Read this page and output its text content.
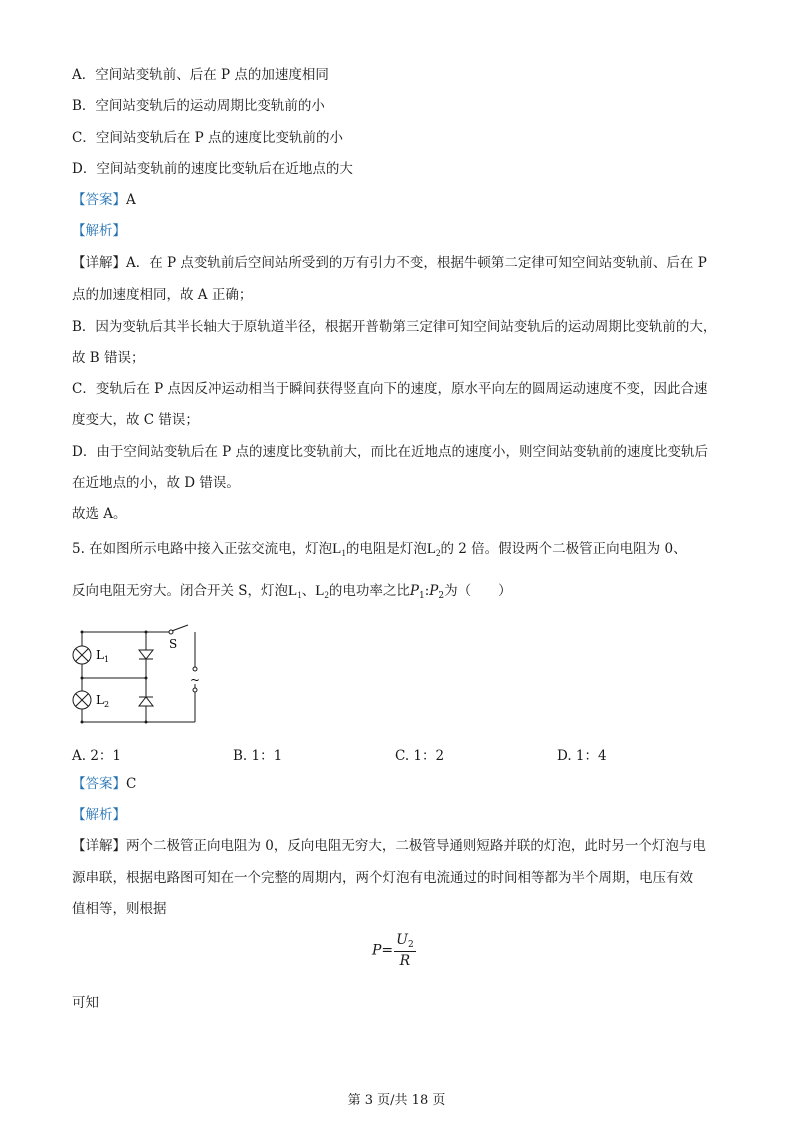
A．空间站变轨前、后在 P 点的加速度相同
B．空间站变轨后的运动周期比变轨前的小
C．空间站变轨后在 P 点的速度比变轨前的小
D．空间站变轨前的速度比变轨后在近地点的大
【答案】A
【解析】
【详解】A．在 P 点变轨前后空间站所受到的万有引力不变，根据牛顿第二定律可知空间站变轨前、后在 P
点的加速度相同，故 A 正确；
B．因为变轨后其半长轴大于原轨道半径，根据开普勒第三定律可知空间站变轨后的运动周期比变轨前的大，
故 B 错误；
C．变轨后在 P 点因反冲运动相当于瞬间获得竖直向下的速度，原水平向左的圆周运动速度不变，因此合速
度变大，故 C 错误；
D．由于空间站变轨后在 P 点的速度比变轨前大，而比在近地点的速度小，则空间站变轨前的速度比变轨后
在近地点的小，故 D 错误。
故选 A。
5. 在如图所示电路中接入正弦交流电，灯泡$L_1$的电阻是灯泡$L_2$的 2 倍。假设两个二极管正向电阻为 0、
反向电阻无穷大。闭合开关 S，灯泡$L_1$、$L_2$的电功率之比$P_1:P_2$为（　　）
$L_1$
$L_2$
S
~
A. 2：1	B. 1：1	C. 1：2	D. 1：4
【答案】C
【解析】
【详解】两个二极管正向电阻为 0，反向电阻无穷大，二极管导通则短路并联的灯泡，此时另一个灯泡与电
源串联，根据电路图可知在一个完整的周期内，两个灯泡有电流通过的时间相等都为半个周期，电压有效
值相等，则根据
$P= \frac{U_2}{R}$
可知
第 3 页/共 18 页
